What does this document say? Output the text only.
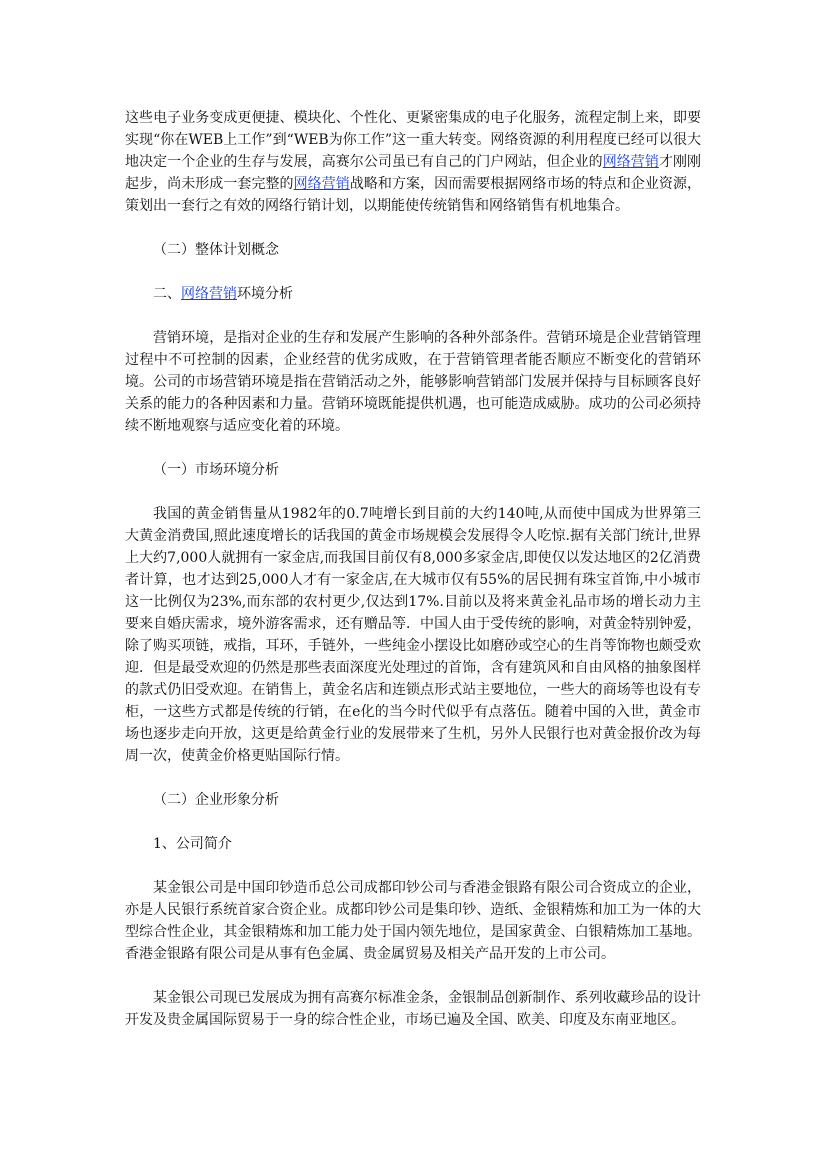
这些电子业务变成更便捷、模块化、个性化、更紧密集成的电子化服务，流程定制上来，即要实现“你在WEB上工作”到“WEB为你工作”这一重大转变。网络资源的利用程度已经可以很大地决定一个企业的生存与发展，高赛尔公司虽已有自己的门户网站，但企业的网络营销才刚刚起步，尚未形成一套完整的网络营销战略和方案，因而需要根据网络市场的特点和企业资源，策划出一套行之有效的网络行销计划，以期能使传统销售和网络销售有机地集合。

（二）整体计划概念

二、网络营销环境分析

营销环境，是指对企业的生存和发展产生影响的各种外部条件。营销环境是企业营销管理过程中不可控制的因素，企业经营的优劣成败，在于营销管理者能否顺应不断变化的营销环境。公司的市场营销环境是指在营销活动之外，能够影响营销部门发展并保持与目标顾客良好关系的能力的各种因素和力量。营销环境既能提供机遇，也可能造成威胁。成功的公司必须持续不断地观察与适应变化着的环境。

（一）市场环境分析

我国的黄金销售量从1982年的0.7吨增长到目前的大约140吨,从而使中国成为世界第三大黄金消费国,照此速度增长的话我国的黄金市场规模会发展得令人吃惊.据有关部门统计,世界上大约7,000人就拥有一家金店,而我国目前仅有8,000多家金店,即使仅以发达地区的2亿消费者计算，也才达到25,000人才有一家金店,在大城市仅有55%的居民拥有珠宝首饰,中小城市这一比例仅为23%,而东部的农村更少,仅达到17%.目前以及将来黄金礼品市场的增长动力主要来自婚庆需求，境外游客需求，还有赠品等．中国人由于受传统的影响，对黄金特别钟爱，除了购买项链，戒指，耳环，手链外，一些纯金小摆设比如磨砂或空心的生肖等饰物也颇受欢迎．但是最受欢迎的仍然是那些表面深度光处理过的首饰，含有建筑风和自由风格的抽象图样的款式仍旧受欢迎。在销售上，黄金名店和连锁点形式站主要地位，一些大的商场等也设有专柜，一这些方式都是传统的行销，在e化的当今时代似乎有点落伍。随着中国的入世，黄金市场也逐步走向开放，这更是给黄金行业的发展带来了生机，另外人民银行也对黄金报价改为每周一次，使黄金价格更贴国际行情。

（二）企业形象分析

1、公司简介

某金银公司是中国印钞造币总公司成都印钞公司与香港金银路有限公司合资成立的企业，亦是人民银行系统首家合资企业。成都印钞公司是集印钞、造纸、金银精炼和加工为一体的大型综合性企业，其金银精炼和加工能力处于国内领先地位，是国家黄金、白银精炼加工基地。香港金银路有限公司是从事有色金属、贵金属贸易及相关产品开发的上市公司。

某金银公司现已发展成为拥有高赛尔标准金条，金银制品创新制作、系列收藏珍品的设计开发及贵金属国际贸易于一身的综合性企业，市场已遍及全国、欧美、印度及东南亚地区。
